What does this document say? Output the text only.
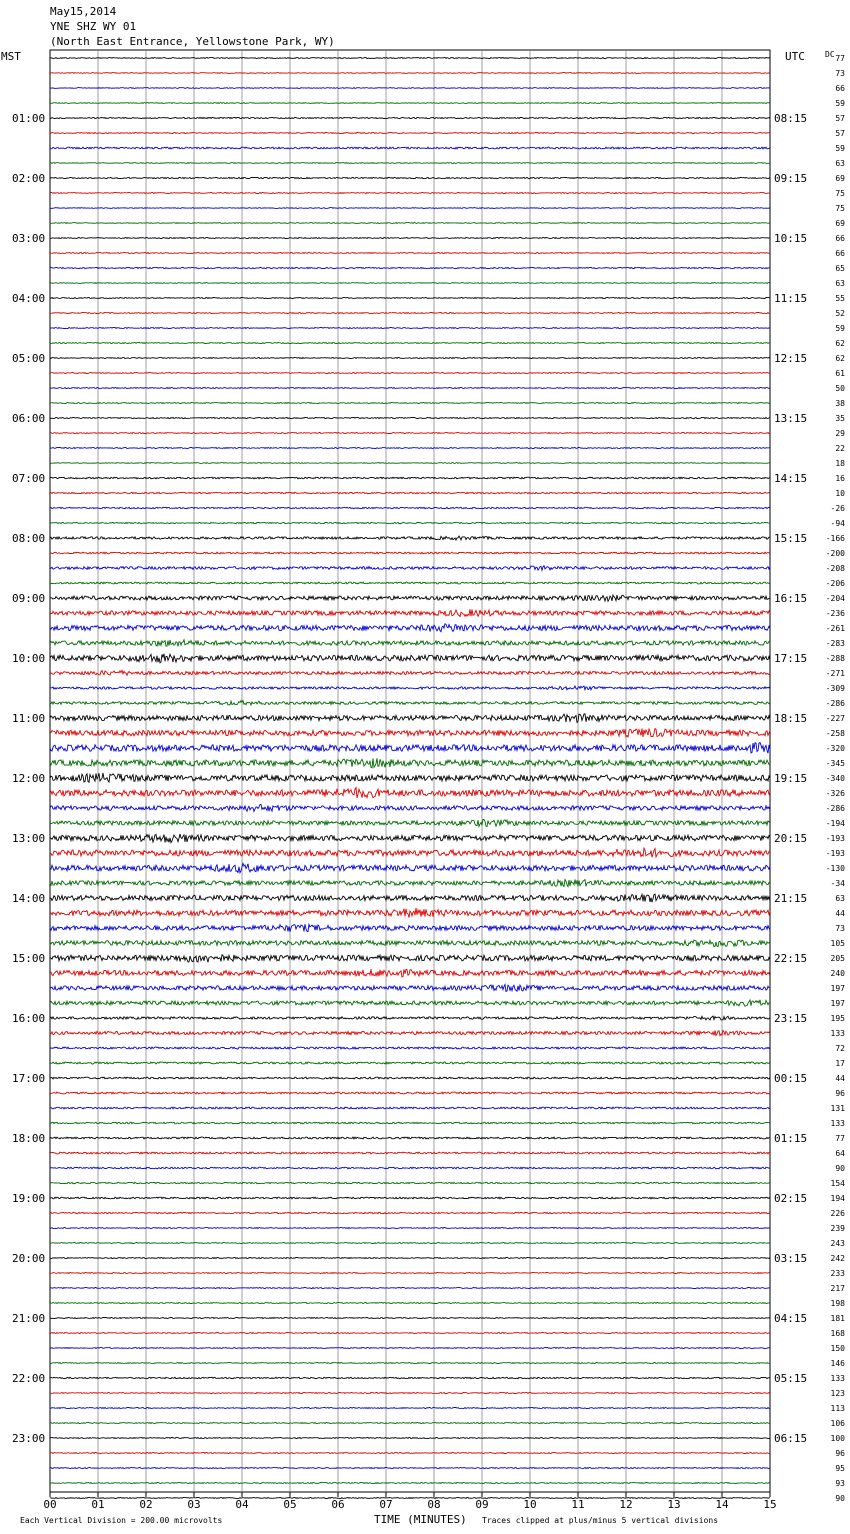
May15,2014
YNE SHZ WY 01
(North East Entrance, Yellowstone Park, WY)
MST	UTC	DC
01:00
02:00
03:00
04:00
05:00
06:00
07:00
08:00
09:00
10:00
11:00
12:00
13:00
14:00
15:00
16:00
17:00
18:00
19:00
20:00
21:00
22:00
23:00
08:15
09:15
10:15
11:15
12:15
13:15
14:15
15:15
16:15
17:15
18:15
19:15
20:15
21:15
22:15
23:15
00:15
01:15
02:15
03:15
04:15
05:15
06:15
77
73
66
59
57
57
59
63
69
75
75
69
66
66
65
63
55
52
59
62
62
61
50
38
35
29
22
18
16
10
-26
-94
-166
-200
-208
-206
-204
-236
-261
-283
-288
-271
-309
-286
-227
-258
-320
-345
-340
-326
-286
-194
-193
-193
-130
-34
63
44
73
105
205
240
197
197
195
133
72
17
44
96
131
133
77
64
90
154
194
226
239
243
242
233
217
198
181
168
150
146
133
123
113
106
100
96
95
93
90
00	01	02	03	04	05	06	07	08	09	10	11	12	13	14	15
Each Vertical Division = 200.00 microvolts	TIME (MINUTES) Traces clipped at plus/minus 5 vertical divisions
